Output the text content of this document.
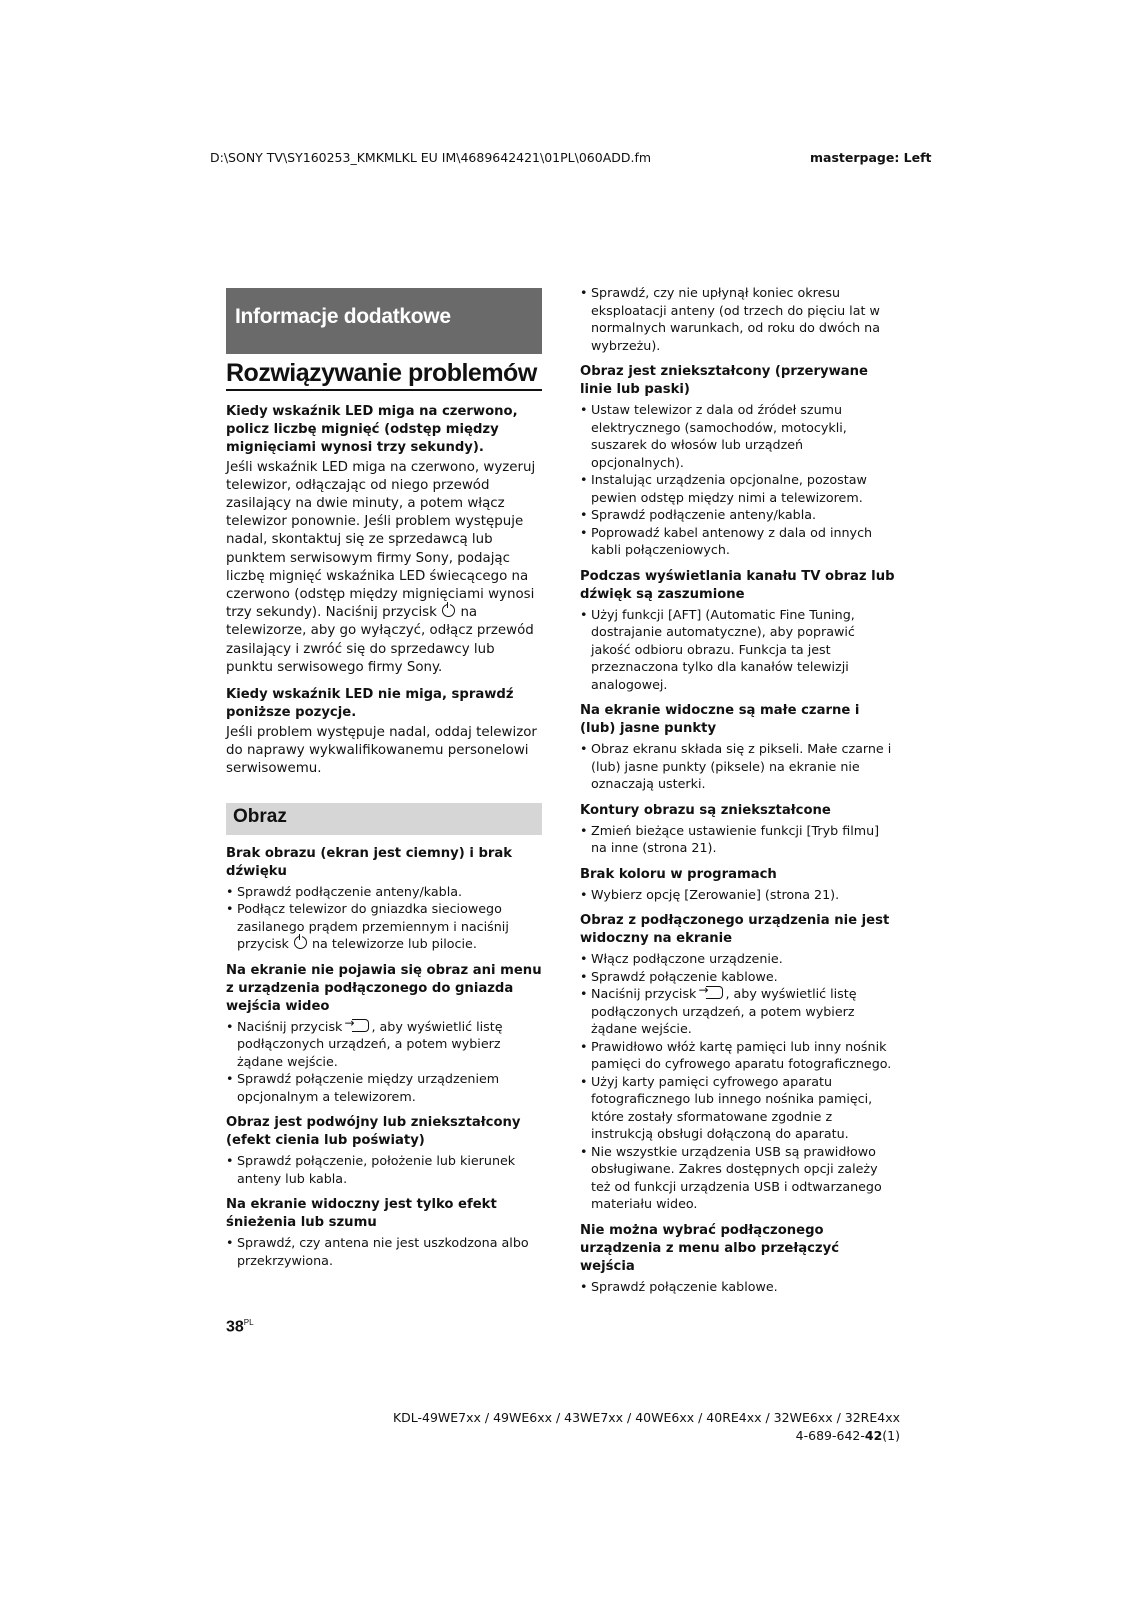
D:\SONY TV\SY160253_KMKMLKL EU IM\4689642421\01PL\060ADD.fm	masterpage: Left
Informacje dodatkowe
Rozwiązywanie problemów
Kiedy wskaźnik LED miga na czerwono, policz liczbę mignięć (odstęp między mignięciami wynosi trzy sekundy).
Jeśli wskaźnik LED miga na czerwono, wyzeruj telewizor, odłączając od niego przewód zasilający na dwie minuty, a potem włącz telewizor ponownie. Jeśli problem występuje nadal, skontaktuj się ze sprzedawcą lub punktem serwisowym firmy Sony, podając liczbę mignięć wskaźnika LED świecącego na czerwono (odstęp między mignięciami wynosi trzy sekundy). Naciśnij przycisk na telewizorze, aby go wyłączyć, odłącz przewód zasilający i zwróć się do sprzedawcy lub punktu serwisowego firmy Sony.
Kiedy wskaźnik LED nie miga, sprawdź poniższe pozycje.
Jeśli problem występuje nadal, oddaj telewizor do naprawy wykwalifikowanemu personelowi serwisowemu.
Obraz
Brak obrazu (ekran jest ciemny) i brak dźwięku
• Sprawdź podłączenie anteny/kabla.
• Podłącz telewizor do gniazdka sieciowego zasilanego prądem przemiennym i naciśnij przycisk na telewizorze lub pilocie.
Na ekranie nie pojawia się obraz ani menu z urządzenia podłączonego do gniazda wejścia wideo
• Naciśnij przycisk → , aby wyświetlić listę podłączonych urządzeń, a potem wybierz żądane wejście.
• Sprawdź połączenie między urządzeniem opcjonalnym a telewizorem.
Obraz jest podwójny lub zniekształcony (efekt cienia lub poświaty)
• Sprawdź połączenie, położenie lub kierunek anteny lub kabla.
Na ekranie widoczny jest tylko efekt śnieżenia lub szumu
• Sprawdź, czy antena nie jest uszkodzona albo przekrzywiona.
• Sprawdź, czy nie upłynął koniec okresu eksploatacji anteny (od trzech do pięciu lat w normalnych warunkach, od roku do dwóch na wybrzeżu).
Obraz jest zniekształcony (przerywane linie lub paski)
• Ustaw telewizor z dala od źródeł szumu elektrycznego (samochodów, motocykli, suszarek do włosów lub urządzeń opcjonalnych).
• Instalując urządzenia opcjonalne, pozostaw pewien odstęp między nimi a telewizorem.
• Sprawdź podłączenie anteny/kabla.
• Poprowadź kabel antenowy z dala od innych kabli połączeniowych.
Podczas wyświetlania kanału TV obraz lub dźwięk są zaszumione
• Użyj funkcji [AFT] (Automatic Fine Tuning, dostrajanie automatyczne), aby poprawić jakość odbioru obrazu. Funkcja ta jest przeznaczona tylko dla kanałów telewizji analogowej.
Na ekranie widoczne są małe czarne i (lub) jasne punkty
• Obraz ekranu składa się z pikseli. Małe czarne i (lub) jasne punkty (piksele) na ekranie nie oznaczają usterki.
Kontury obrazu są zniekształcone
• Zmień bieżące ustawienie funkcji [Tryb filmu] na inne (strona 21).
Brak koloru w programach
• Wybierz opcję [Zerowanie] (strona 21).
Obraz z podłączonego urządzenia nie jest widoczny na ekranie
• Włącz podłączone urządzenie.
• Sprawdź połączenie kablowe.
• Naciśnij przycisk → , aby wyświetlić listę podłączonych urządzeń, a potem wybierz żądane wejście.
• Prawidłowo włóż kartę pamięci lub inny nośnik pamięci do cyfrowego aparatu fotograficznego.
• Użyj karty pamięci cyfrowego aparatu fotograficznego lub innego nośnika pamięci, które zostały sformatowane zgodnie z instrukcją obsługi dołączoną do aparatu.
• Nie wszystkie urządzenia USB są prawidłowo obsługiwane. Zakres dostępnych opcji zależy też od funkcji urządzenia USB i odtwarzanego materiału wideo.
Nie można wybrać podłączonego urządzenia z menu albo przełączyć wejścia
• Sprawdź połączenie kablowe.
$38^{PL}$
KDL-49WE7xx / 49WE6xx / 43WE7xx / 40WE6xx / 40RE4xx / 32WE6xx / 32RE4xx
4-689-642-42(1)
